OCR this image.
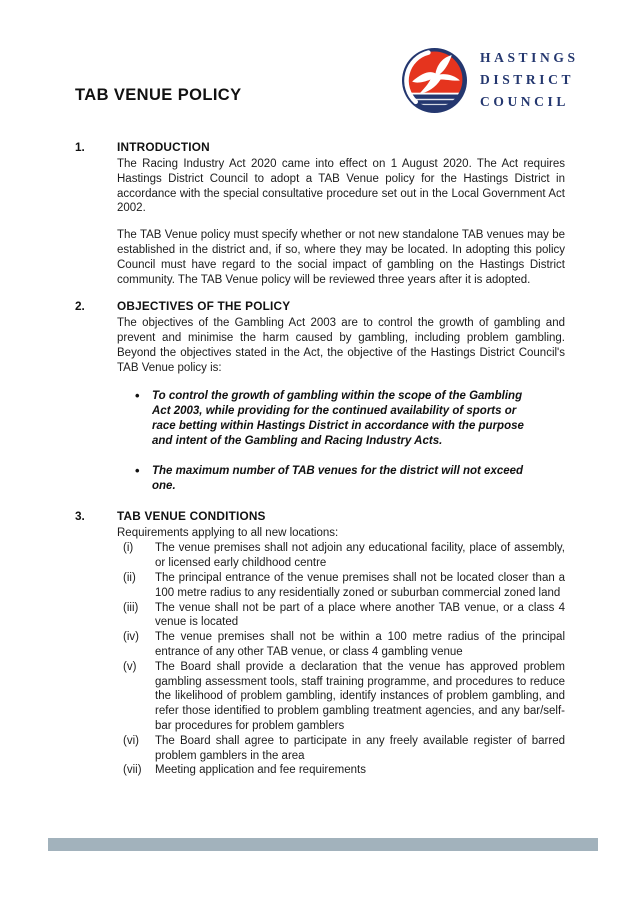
TAB VENUE POLICY
HASTINGS
DISTRICT
COUNCIL
1.	INTRODUCTION

The Racing Industry Act 2020 came into effect on 1 August 2020. The Act requires Hastings District Council to adopt a TAB Venue policy for the Hastings District in accordance with the special consultative procedure set out in the Local Government Act 2002.

The TAB Venue policy must specify whether or not new standalone TAB venues may be established in the district and, if so, where they may be located. In adopting this policy Council must have regard to the social impact of gambling on the Hastings District community. The TAB Venue policy will be reviewed three years after it is adopted.

2.	OBJECTIVES OF THE POLICY

The objectives of the Gambling Act 2003 are to control the growth of gambling and prevent and minimise the harm caused by gambling, including problem gambling. Beyond the objectives stated in the Act, the objective of the Hastings District Council's TAB Venue policy is:

• To control the growth of gambling within the scope of the Gambling Act 2003, while providing for the continued availability of sports or race betting within Hastings District in accordance with the purpose and intent of the Gambling and Racing Industry Acts.
• The maximum number of TAB venues for the district will not exceed one.
3.	TAB VENUE CONDITIONS

Requirements applying to all new locations:

(i)	The venue premises shall not adjoin any educational facility, place of assembly, or licensed early childhood centre
(ii)	The principal entrance of the venue premises shall not be located closer than a 100 metre radius to any residentially zoned or suburban commercial zoned land
(iii)	The venue shall not be part of a place where another TAB venue, or a class 4 venue is located
(iv)	The venue premises shall not be within a 100 metre radius of the principal entrance of any other TAB venue, or class 4 gambling venue
(v)	The Board shall provide a declaration that the venue has approved problem gambling assessment tools, staff training programme, and procedures to reduce the likelihood of problem gambling, identify instances of problem gambling, and refer those identified to problem gambling treatment agencies, and any bar/self-bar procedures for problem gamblers
(vi)	The Board shall agree to participate in any freely available register of barred problem gamblers in the area
(vii)	Meeting application and fee requirements
